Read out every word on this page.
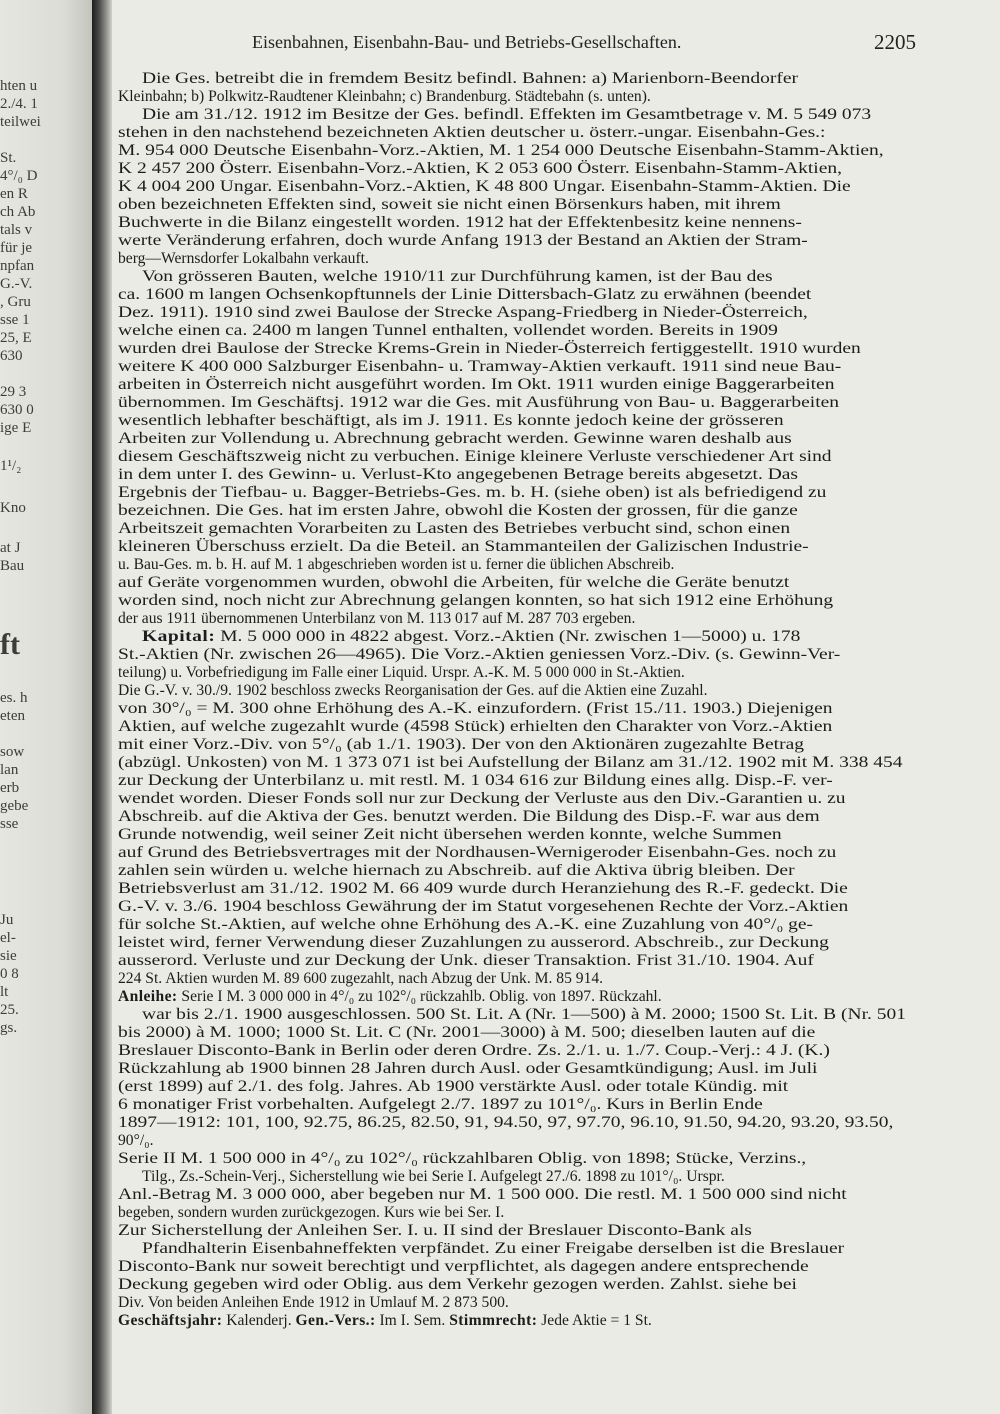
hten u
2./4. 1
teilwei
St.
4°/₀ D
en R
ch Ab
tals v
für je
npfan
G.-V.
, Gru
sse 1
25, E
630
29 3
630 0
ige E
1¹/₂
Kno
at J
Bau
ft
es. h
eten
sow
lan
erb
gebe
sse
Ju
el-
sie
0 8
lt
25.
gs.
Eisenbahnen, Eisenbahn-Bau- und Betriebs-Gesellschaften.	2205
Die Ges. betreibt die in fremdem Besitz befindl. Bahnen: a) Marienborn-Beendorfer
Kleinbahn; b) Polkwitz-Raudtener Kleinbahn; c) Brandenburg. Städtebahn (s. unten).
Die am 31./12. 1912 im Besitze der Ges. befindl. Effekten im Gesamtbetrage v. M. 5 549 073
stehen in den nachstehend bezeichneten Aktien deutscher u. österr.-ungar. Eisenbahn-Ges.:
M. 954 000 Deutsche Eisenbahn-Vorz.-Aktien, M. 1 254 000 Deutsche Eisenbahn-Stamm-Aktien,
K 2 457 200 Österr. Eisenbahn-Vorz.-Aktien, K 2 053 600 Österr. Eisenbahn-Stamm-Aktien,
K 4 004 200 Ungar. Eisenbahn-Vorz.-Aktien, K 48 800 Ungar. Eisenbahn-Stamm-Aktien. Die
oben bezeichneten Effekten sind, soweit sie nicht einen Börsenkurs haben, mit ihrem
Buchwerte in die Bilanz eingestellt worden. 1912 hat der Effektenbesitz keine nennens-
werte Veränderung erfahren, doch wurde Anfang 1913 der Bestand an Aktien der Stram-
berg—Wernsdorfer Lokalbahn verkauft.
Von grösseren Bauten, welche 1910/11 zur Durchführung kamen, ist der Bau des
ca. 1600 m langen Ochsenkopftunnels der Linie Dittersbach-Glatz zu erwähnen (beendet
Dez. 1911). 1910 sind zwei Baulose der Strecke Aspang-Friedberg in Nieder-Österreich,
welche einen ca. 2400 m langen Tunnel enthalten, vollendet worden. Bereits in 1909
wurden drei Baulose der Strecke Krems-Grein in Nieder-Österreich fertiggestellt. 1910 wurden
weitere K 400 000 Salzburger Eisenbahn- u. Tramway-Aktien verkauft. 1911 sind neue Bau-
arbeiten in Österreich nicht ausgeführt worden. Im Okt. 1911 wurden einige Baggerarbeiten
übernommen. Im Geschäftsj. 1912 war die Ges. mit Ausführung von Bau- u. Baggerarbeiten
wesentlich lebhafter beschäftigt, als im J. 1911. Es konnte jedoch keine der grösseren
Arbeiten zur Vollendung u. Abrechnung gebracht werden. Gewinne waren deshalb aus
diesem Geschäftszweig nicht zu verbuchen. Einige kleinere Verluste verschiedener Art sind
in dem unter I. des Gewinn- u. Verlust-Kto angegebenen Betrage bereits abgesetzt. Das
Ergebnis der Tiefbau- u. Bagger-Betriebs-Ges. m. b. H. (siehe oben) ist als befriedigend zu
bezeichnen. Die Ges. hat im ersten Jahre, obwohl die Kosten der grossen, für die ganze
Arbeitszeit gemachten Vorarbeiten zu Lasten des Betriebes verbucht sind, schon einen
kleineren Überschuss erzielt. Da die Beteil. an Stammanteilen der Galizischen Industrie-
u. Bau-Ges. m. b. H. auf M. 1 abgeschrieben worden ist u. ferner die üblichen Abschreib.
auf Geräte vorgenommen wurden, obwohl die Arbeiten, für welche die Geräte benutzt
worden sind, noch nicht zur Abrechnung gelangen konnten, so hat sich 1912 eine Erhöhung
der aus 1911 übernommenen Unterbilanz von M. 113 017 auf M. 287 703 ergeben.
Kapital: M. 5 000 000 in 4822 abgest. Vorz.-Aktien (Nr. zwischen 1—5000) u. 178
St.-Aktien (Nr. zwischen 26—4965). Die Vorz.-Aktien geniessen Vorz.-Div. (s. Gewinn-Ver-
teilung) u. Vorbefriedigung im Falle einer Liquid. Urspr. A.-K. M. 5 000 000 in St.-Aktien.
Die G.-V. v. 30./9. 1902 beschloss zwecks Reorganisation der Ges. auf die Aktien eine Zuzahl.
von 30°/₀ = M. 300 ohne Erhöhung des A.-K. einzufordern. (Frist 15./11. 1903.) Diejenigen
Aktien, auf welche zugezahlt wurde (4598 Stück) erhielten den Charakter von Vorz.-Aktien
mit einer Vorz.-Div. von 5°/₀ (ab 1./1. 1903). Der von den Aktionären zugezahlte Betrag
(abzügl. Unkosten) von M. 1 373 071 ist bei Aufstellung der Bilanz am 31./12. 1902 mit M. 338 454
zur Deckung der Unterbilanz u. mit restl. M. 1 034 616 zur Bildung eines allg. Disp.-F. ver-
wendet worden. Dieser Fonds soll nur zur Deckung der Verluste aus den Div.-Garantien u. zu
Abschreib. auf die Aktiva der Ges. benutzt werden. Die Bildung des Disp.-F. war aus dem
Grunde notwendig, weil seiner Zeit nicht übersehen werden konnte, welche Summen
auf Grund des Betriebsvertrages mit der Nordhausen-Wernigeroder Eisenbahn-Ges. noch zu
zahlen sein würden u. welche hiernach zu Abschreib. auf die Aktiva übrig bleiben. Der
Betriebsverlust am 31./12. 1902 M. 66 409 wurde durch Heranziehung des R.-F. gedeckt. Die
G.-V. v. 3./6. 1904 beschloss Gewährung der im Statut vorgesehenen Rechte der Vorz.-Aktien
für solche St.-Aktien, auf welche ohne Erhöhung des A.-K. eine Zuzahlung von 40°/₀ ge-
leistet wird, ferner Verwendung dieser Zuzahlungen zu ausserord. Abschreib., zur Deckung
ausserord. Verluste und zur Deckung der Unk. dieser Transaktion. Frist 31./10. 1904. Auf
224 St. Aktien wurden M. 89 600 zugezahlt, nach Abzug der Unk. M. 85 914.
Anleihe: Serie I M. 3 000 000 in 4°/₀ zu 102°/₀ rückzahlb. Oblig. von 1897. Rückzahl.
war bis 2./1. 1900 ausgeschlossen. 500 St. Lit. A (Nr. 1—500) à M. 2000; 1500 St. Lit. B (Nr. 501
bis 2000) à M. 1000; 1000 St. Lit. C (Nr. 2001—3000) à M. 500; dieselben lauten auf die
Breslauer Disconto-Bank in Berlin oder deren Ordre. Zs. 2./1. u. 1./7. Coup.-Verj.: 4 J. (K.)
Rückzahlung ab 1900 binnen 28 Jahren durch Ausl. oder Gesamtkündigung; Ausl. im Juli
(erst 1899) auf 2./1. des folg. Jahres. Ab 1900 verstärkte Ausl. oder totale Kündig. mit
6 monatiger Frist vorbehalten. Aufgelegt 2./7. 1897 zu 101°/₀. Kurs in Berlin Ende
1897—1912: 101, 100, 92.75, 86.25, 82.50, 91, 94.50, 97, 97.70, 96.10, 91.50, 94.20, 93.20, 93.50,
90°/₀.
Serie II M. 1 500 000 in 4°/₀ zu 102°/₀ rückzahlbaren Oblig. von 1898; Stücke, Verzins.,
Tilg., Zs.-Schein-Verj., Sicherstellung wie bei Serie I. Aufgelegt 27./6. 1898 zu 101°/₀. Urspr.
Anl.-Betrag M. 3 000 000, aber begeben nur M. 1 500 000. Die restl. M. 1 500 000 sind nicht
begeben, sondern wurden zurückgezogen. Kurs wie bei Ser. I.
Zur Sicherstellung der Anleihen Ser. I. u. II sind der Breslauer Disconto-Bank als
Pfandhalterin Eisenbahneffekten verpfändet. Zu einer Freigabe derselben ist die Breslauer
Disconto-Bank nur soweit berechtigt und verpflichtet, als dagegen andere entsprechende
Deckung gegeben wird oder Oblig. aus dem Verkehr gezogen werden. Zahlst. siehe bei
Div. Von beiden Anleihen Ende 1912 in Umlauf M. 2 873 500.
Geschäftsjahr: Kalenderj. Gen.-Vers.: Im I. Sem. Stimmrecht: Jede Aktie = 1 St.
